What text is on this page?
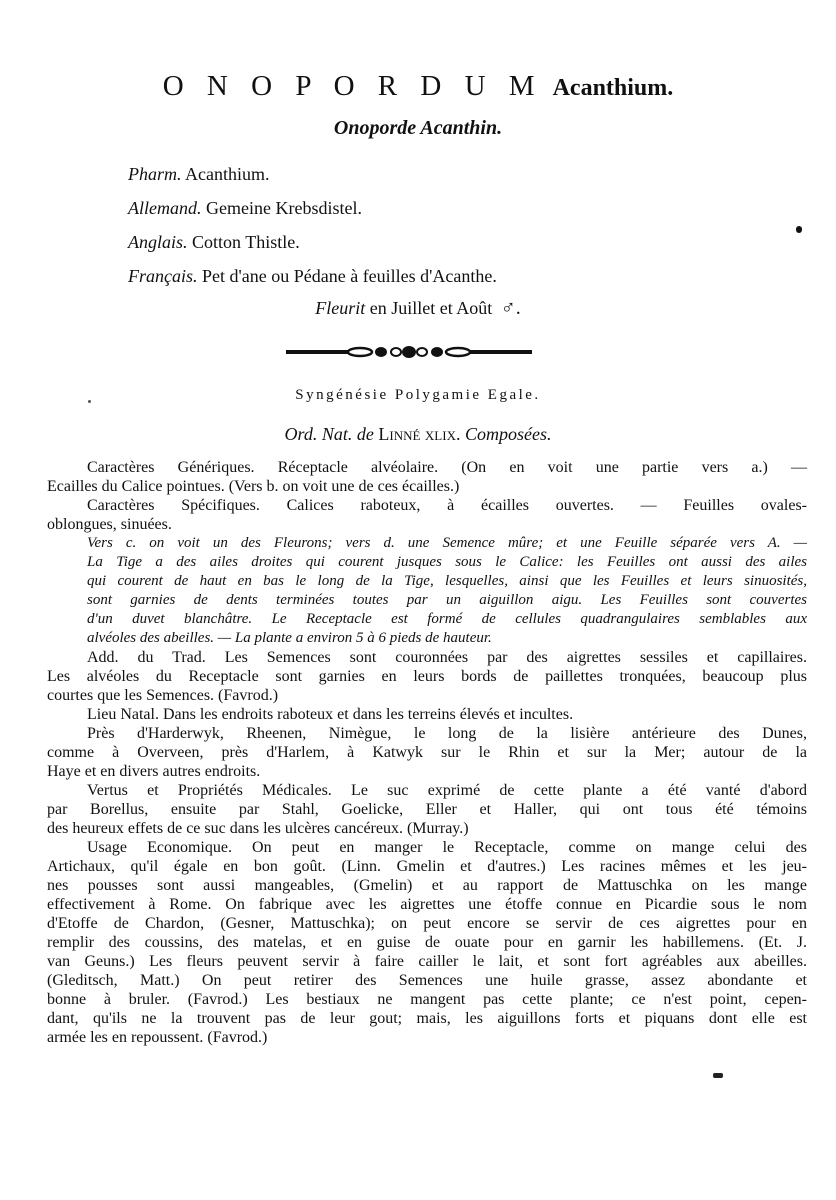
O N O P O R D U M Acanthium.
Onoporde Acanthin.
Pharm. Acanthium.
Allemand. Gemeine Krebsdistel.
Anglais. Cotton Thistle.
Français. Pet d'ane ou Pédane à feuilles d'Acanthe.
Fleurit en Juillet et Août ♂.
Syngénésie Polygamie Egale.
Ord. Nat. de Linné xlix. Composées.
Caractères Génériques. Réceptacle alvéolaire. (On en voit une partie vers a.) —
Ecailles du Calice pointues. (Vers b. on voit une de ces écailles.)
Caractères Spécifiques. Calices raboteux, à écailles ouvertes. — Feuilles ovales-
oblongues, sinuées.
Vers c. on voit un des Fleurons; vers d. une Semence mûre; et une Feuille séparée vers A. —
La Tige a des ailes droites qui courent jusques sous le Calice: les Feuilles ont aussi des ailes
qui courent de haut en bas le long de la Tige, lesquelles, ainsi que les Feuilles et leurs sinuosités,
sont garnies de dents terminées toutes par un aiguillon aigu. Les Feuilles sont couvertes
d'un duvet blanchâtre. Le Receptacle est formé de cellules quadrangulaires semblables aux
alvéoles des abeilles. — La plante a environ 5 à 6 pieds de hauteur.
Add. du Trad. Les Semences sont couronnées par des aigrettes sessiles et capillaires.
Les alvéoles du Receptacle sont garnies en leurs bords de paillettes tronquées, beaucoup plus
courtes que les Semences. (Favrod.)
Lieu Natal. Dans les endroits raboteux et dans les terreins élevés et incultes.
Près d'Harderwyk, Rheenen, Nimègue, le long de la lisière antérieure des Dunes,
comme à Overveen, près d'Harlem, à Katwyk sur le Rhin et sur la Mer; autour de la
Haye et en divers autres endroits.
Vertus et Propriétés Médicales. Le suc exprimé de cette plante a été vanté d'abord
par Borellus, ensuite par Stahl, Goelicke, Eller et Haller, qui ont tous été témoins
des heureux effets de ce suc dans les ulcères cancéreux. (Murray.)
Usage Economique. On peut en manger le Receptacle, comme on mange celui des
Artichaux, qu'il égale en bon goût. (Linn. Gmelin et d'autres.) Les racines mêmes et les jeu-
nes pousses sont aussi mangeables, (Gmelin) et au rapport de Mattuschka on les mange
effectivement à Rome. On fabrique avec les aigrettes une étoffe connue en Picardie sous le nom
d'Etoffe de Chardon, (Gesner, Mattuschka); on peut encore se servir de ces aigrettes pour en
remplir des coussins, des matelas, et en guise de ouate pour en garnir les habillemens. (Et. J.
van Geuns.) Les fleurs peuvent servir à faire cailler le lait, et sont fort agréables aux abeilles.
(Gleditsch, Matt.) On peut retirer des Semences une huile grasse, assez abondante et
bonne à bruler. (Favrod.) Les bestiaux ne mangent pas cette plante; ce n'est point, cepen-
dant, qu'ils ne la trouvent pas de leur gout; mais, les aiguillons forts et piquans dont elle est
armée les en repoussent. (Favrod.)
